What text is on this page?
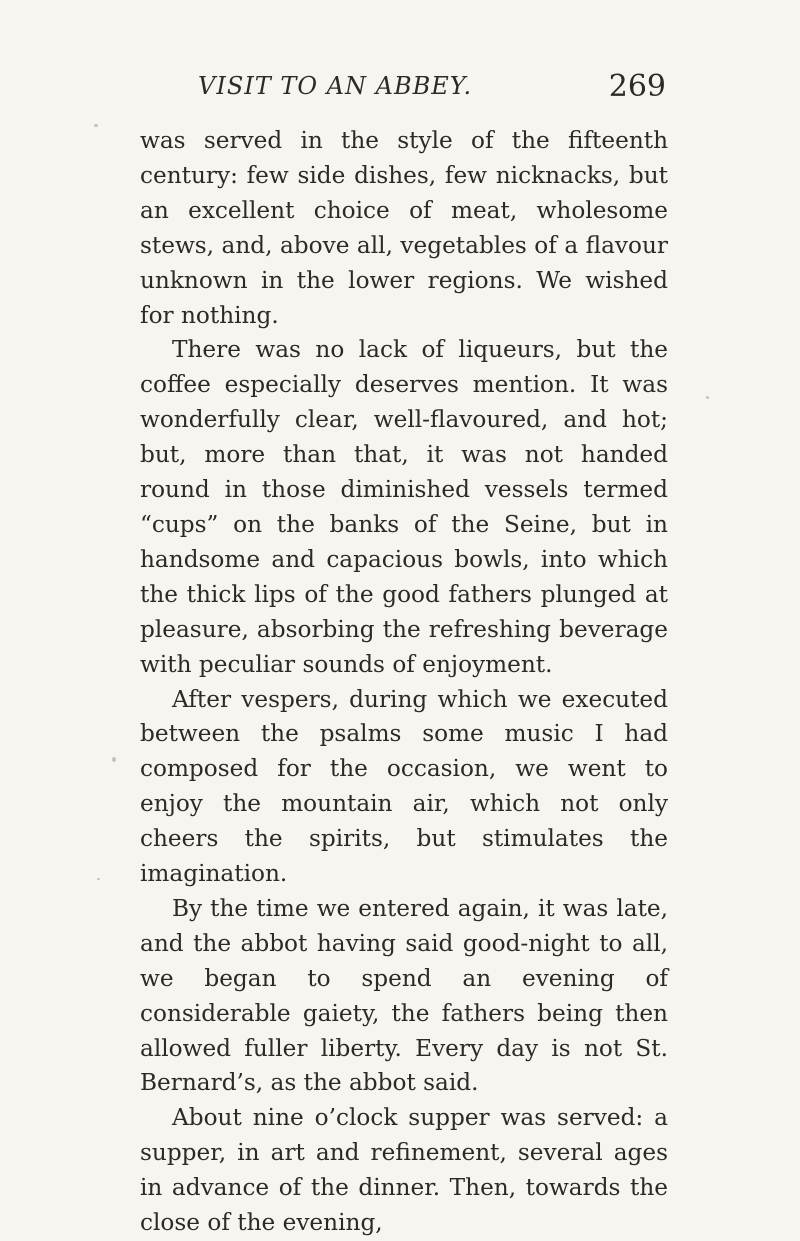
VISIT TO AN ABBEY.	269

was served in the style of the fifteenth century: few side dishes, few nicknacks, but an excellent choice of meat, wholesome stews, and, above all, vegetables of a flavour unknown in the lower regions. We wished for nothing.

There was no lack of liqueurs, but the coffee especially deserves mention. It was wonderfully clear, well-flavoured, and hot; but, more than that, it was not handed round in those diminished vessels termed “cups” on the banks of the Seine, but in handsome and capacious bowls, into which the thick lips of the good fathers plunged at pleasure, absorbing the refreshing beverage with peculiar sounds of enjoyment.

After vespers, during which we executed between the psalms some music I had composed for the occasion, we went to enjoy the mountain air, which not only cheers the spirits, but stimulates the imagination.

By the time we entered again, it was late, and the abbot having said good-night to all, we began to spend an evening of considerable gaiety, the fathers being then allowed fuller liberty. Every day is not St. Bernard’s, as the abbot said.

About nine o’clock supper was served: a supper, in art and refinement, several ages in advance of the dinner. Then, towards the close of the evening,
